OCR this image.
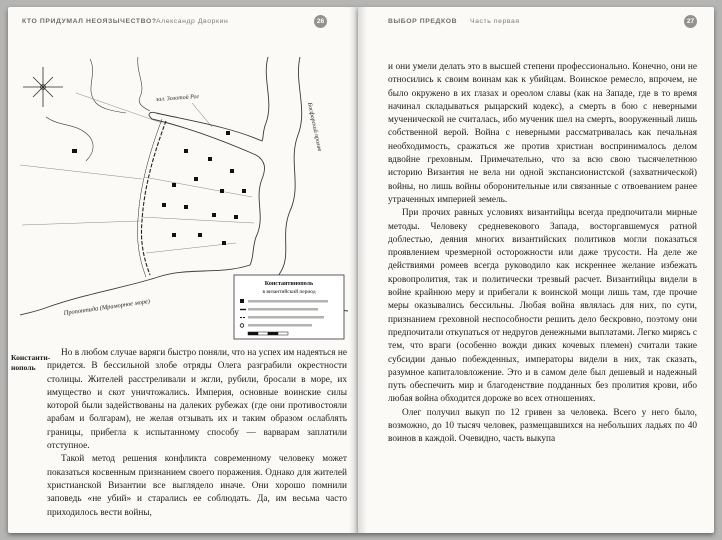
КТО ПРИДУМАЛ НЕОЯЗЫЧЕСТВО? Александр Дворкин	26
зал. Золотой Рог
Босфорский пролив
Пропонтида (Мраморное море)
Константинополь
в византийский период
Константи-
нополь

Но в любом случае варяги быстро поняли, что на успех им надеяться не придется. В бессильной злобе отряды Олега разграбили окрестности столицы. Жителей расстреливали и жгли, рубили, бросали в море, их имущество и скот уничтожались. Империя, основные воинские силы которой были задействованы на далеких рубежах (где они противостояли арабам и болгарам), не желая отзывать их и таким образом ослаблять границы, прибегла к испытанному способу — варварам заплатили отступное.

Такой метод решения конфликта современному человеку может показаться косвенным признанием своего поражения. Однако для жителей христианской Византии все выглядело иначе. Они хорошо помнили заповедь «не убий» и старались ее соблюдать. Да, им весьма часто приходилось вести войны,

ВЫБОР ПРЕДКОВ Часть первая	27

и они умели делать это в высшей степени профессионально. Конечно, они не относились к своим воинам как к убийцам. Воинское ремесло, впрочем, не было окружено в их глазах и ореолом славы (как на Западе, где в то время начинал складываться рыцарский кодекс), а смерть в бою с неверными мученической не считалась, ибо мученик шел на смерть, вооруженный лишь собственной верой. Война с неверными рассматривалась как печальная необходимость, сражаться же против христиан воспринималось делом вдвойне греховным. Примечательно, что за всю свою тысячелетнюю историю Византия не вела ни одной экспансионистской (захватнической) войны, но лишь войны оборонительные или связанные с отвоеванием ранее утраченных империей земель.

При прочих равных условиях византийцы всегда предпочитали мирные методы. Человеку средневекового Запада, восторгавшемуся ратной доблестью, деяния многих византийских политиков могли показаться проявлением чрезмерной осторожности или даже трусости. На деле же действиями ромеев всегда руководило как искреннее желание избежать кровопролития, так и политически трезвый расчет. Византийцы видели в войне крайнюю меру и прибегали к воинской мощи лишь там, где прочие меры оказывались бессильны. Любая война являлась для них, по сути, признанием греховной неспособности решить дело бескровно, поэтому они предпочитали откупаться от недругов денежными выплатами. Легко мирясь с тем, что враги (особенно вожди диких кочевых племен) считали такие субсидии данью побежденных, императоры видели в них, так сказать, разумное капиталовложение. Это и в самом деле был дешевый и надежный путь обеспечить мир и благоденствие подданных без пролития крови, ибо любая война обходится дороже во всех отношениях.

Олег получил выкуп по 12 гривен за человека. Всего у него было, возможно, до 10 тысяч человек, размещавшихся на небольших ладьях по 40 воинов в каждой. Очевидно, часть выкупа
